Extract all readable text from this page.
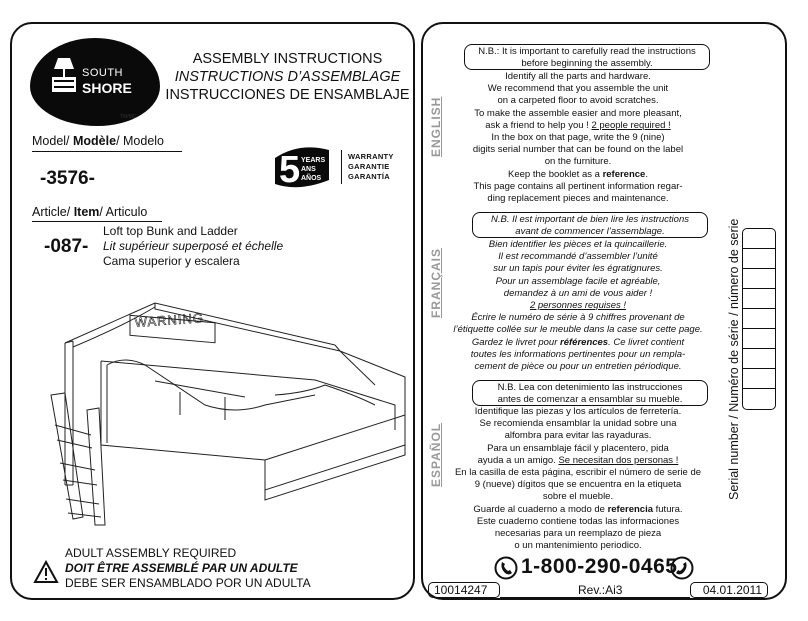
SOUTH
SHORE
TM/MC
ASSEMBLY INSTRUCTIONS
INSTRUCTIONS D’ASSEMBLAGE
INSTRUCCIONES DE ENSAMBLAJE
Model/ Modèle/ Modelo
-3576-	5 YEARS
ANS
AÑOS
WARRANTY
GARANTIE
GARANTÍA
Article/ Item/ Articulo
-087-
Loft top Bunk and Ladder
Lit supérieur superposé et échelle
Cama superior y escalera
WARNING
ADULT ASSEMBLY REQUIRED
DOIT ÊTRE ASSEMBLÉ PAR UN ADULTE
DEBE SER ENSAMBLADO POR UN ADULTA
ENGLISH
FRANÇAIS
ESPAÑOL
N.B.: It is important to carefully read the instructions
before beginning the assembly.
Identify all the parts and hardware.
We recommend that you assemble the unit
on a carpeted floor to avoid scratches.
To make the assemble easier and more pleasant,
ask a friend to help you ! 2 people required !
In the box on that page, write the 9 (nine)
digits serial number that can be found on the label
on the furniture.
Keep the booklet as a reference.
This page contains all pertinent information regar-
ding replacement pieces and maintenance.
N.B. Il est important de bien lire les instructions
avant de commencer l’assemblage.
Bien identifier les pièces et la quincaillerie.
Il est recommandé d’assembler l’unité
sur un tapis pour éviter les égratignures.
Pour un assemblage facile et agréable,
demandez à un ami de vous aider !
2 personnes requises !
Écrire le numéro de série à 9 chiffres provenant de
l’étiquette collée sur le meuble dans la case sur cette page.
Gardez le livret pour références. Ce livret contient
toutes les informations pertinentes pour un rempla-
cement de pièce ou pour un entretien périodique.
N.B. Lea con detenimiento las instrucciones
antes de comenzar a ensamblar su mueble.
Identifique las piezas y los artículos de ferretería.
Se recomienda ensamblar la unidad sobre una
alfombra para evitar las rayaduras.
Para un ensamblaje fácil y placentero, pida
ayuda a un amigo. Se necesitan dos personas !
En la casilla de esta página, escribir el número de serie de
9 (nueve) dígitos que se encuentra en la etiqueta
sobre el mueble.
Guarde al cuaderno a modo de referencia futura.
Este cuaderno contiene todas las informaciones
necesarias para un reemplazo de pieza
o un mantenimiento periodico.
Serial number / Numéro de série / número de serie
1-800-290-0465
10014247	Rev.:Ai3	04.01.2011
